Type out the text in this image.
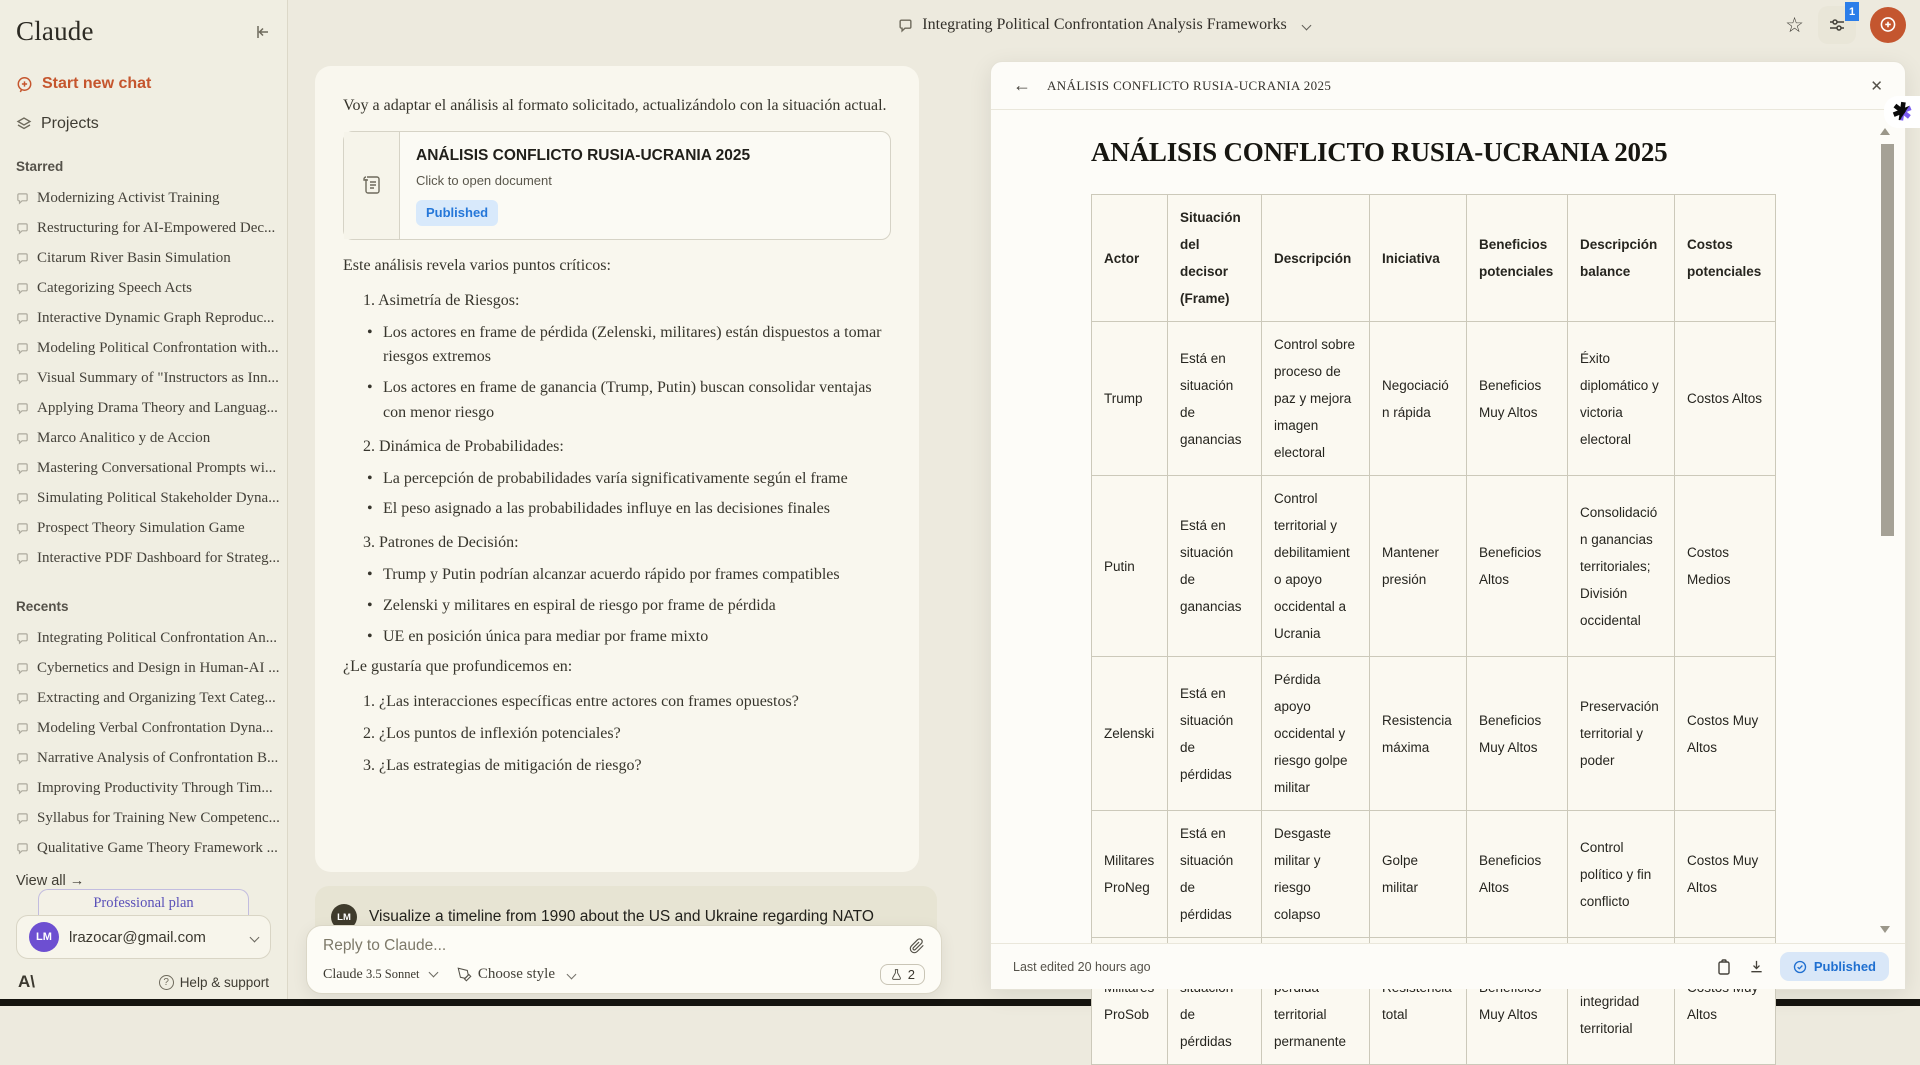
Claude
Start new chat
Projects
Starred
Modernizing Activist Training
Restructuring for AI-Empowered Dec...
Citarum River Basin Simulation
Categorizing Speech Acts
Interactive Dynamic Graph Reproduc...
Modeling Political Confrontation with...
Visual Summary of "Instructors as Inn...
Applying Drama Theory and Languag...
Marco Analitico y de Accion
Mastering Conversational Prompts wi...
Simulating Political Stakeholder Dyna...
Prospect Theory Simulation Game
Interactive PDF Dashboard for Strateg...
Recents
Integrating Political Confrontation An...
Cybernetics and Design in Human-AI ...
Extracting and Organizing Text Categ...
Modeling Verbal Confrontation Dyna...
Narrative Analysis of Confrontation B...
Improving Productivity Through Tim...
Syllabus for Training New Competenc...
Qualitative Game Theory Framework ...
View all →
Professional plan
LM	lrazocar@gmail.com
A\	? Help & support
Integrating Political Confrontation Analysis Frameworks	☆
1

Voy a adaptar el análisis al formato solicitado, actualizándolo con la situación actual.

ANÁLISIS CONFLICTO RUSIA-UCRANIA 2025
Click to open document
Published

Este análisis revela varios puntos críticos:

1. Asimetría de Riesgos:
• Los actores en frame de pérdida (Zelenski, militares) están dispuestos a tomar riesgos extremos
• Los actores en frame de ganancia (Trump, Putin) buscan consolidar ventajas con menor riesgo
2. Dinámica de Probabilidades:
• La percepción de probabilidades varía significativamente según el frame
• El peso asignado a las probabilidades influye en las decisiones finales
3. Patrones de Decisión:
• Trump y Putin podrían alcanzar acuerdo rápido por frames compatibles
• Zelenski y militares en espiral de riesgo por frame de pérdida
• UE en posición única para mediar por frame mixto

¿Le gustaría que profundicemos en:

¿Las interacciones específicas entre actores con frames opuestos?
¿Los puntos de inflexión potenciales?
¿Las estrategias de mitigación de riesgo?
LM	Visualize a timeline from 1990 about the US and Ukraine regarding NATO
Reply to Claude...
Claude 3.5 Sonnet	Choose style	2
← ANÁLISIS CONFLICTO RUSIA-UCRANIA 2025	✕
ANÁLISIS CONFLICTO RUSIA-UCRANIA 2025
Actor	Situación del decisor (Frame)	Descripción	Iniciativa	Beneficios potenciales	Descripción balance	Costos potenciales
Trump	Está en situación de ganancias	Control sobre proceso de paz y mejora imagen electoral	Negociación rápida	Beneficios Muy Altos	Éxito diplomático y victoria electoral	Costos Altos
Putin	Está en situación de ganancias	Control territorial y debilitamiento apoyo occidental a Ucrania	Mantener presión	Beneficios Altos	Consolidación ganancias territoriales; División occidental	Costos Medios
Zelenski	Está en situación de pérdidas	Pérdida apoyo occidental y riesgo golpe militar	Resistencia máxima	Beneficios Muy Altos	Preservación territorial y poder	Costos Muy Altos
Militares ProNeg	Está en situación de pérdidas	Desgaste militar y riesgo colapso	Golpe militar	Beneficios Altos	Control político y fin conflicto	Costos Muy Altos
ProSob	de pérdidas	territorial permanente	total	Muy Altos	integridad territorial	Altos
Last edited 20 hours ago	Published
✱
